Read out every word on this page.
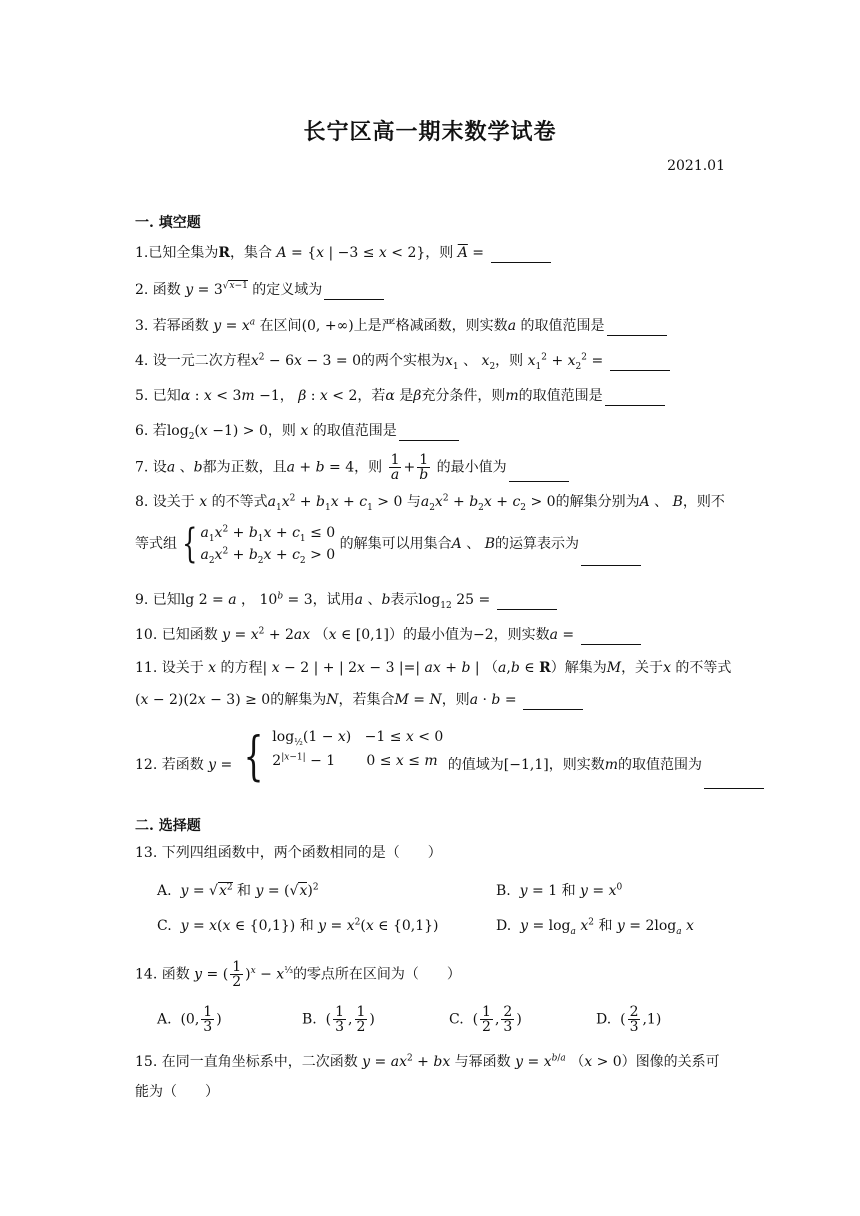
长宁区高一期末数学试卷
2021.01
一. 填空题
1.已知全集为R，集合 A = {x | −3 ≤ x < 2}，则 $\overline{A}$ =
2. 函数 $y = 3^{√x-1}$ 的定义域为
3. 若幂函数 $y = x^a$ 在区间(0, +∞)上是严格减函数，则实数a 的取值范围是
4. 设一元二次方程$x^2 - 6x - 3 = 0$的两个实根为$x_1$ 、 $x_2$，则 $x_1^2 + x_2^2$ =
5. 已知α : x < 3m −1， β : x < 2，若α 是β充分条件，则m的取值范围是
6. 若$\log_2(x -1) > 0$，则 x 的取值范围是
7. 设a 、b都为正数，且a + b = 4，则 $\frac{1}{a} + \frac{1}{b}$ 的最小值为
8. 设关于 x 的不等式$a_1x^2 + b_1x + c_1 > 0$ 与$a_2x^2 + b_2x + c_2 > 0$的解集分别为A 、 B，则不
等式组 { $a_1x^2 + b_1x + c_1 \le 0$
$a_2x^2 + b_2x + c_2 > 0$ 的解集可以用集合A 、 B的运算表示为
9. 已知lg 2 = a ， $10^b = 3$，试用a 、b表示$\log_{12} 25$ =
10. 已知函数 $y = x^2 + 2ax$ （x ∈ [0,1]）的最小值为−2，则实数a =
11. 设关于 x 的方程| x − 2 | + | 2x − 3 |=| ax + b | （a,b ∈ R）解集为M，关于x 的不等式
(x − 2)(2x − 3) ≥ 0的解集为N，若集合M = N，则a · b =
12. 若函数 y = { $\log_{\frac{1}{2}}(1 - x) -1 \le x < 0$
$2^{|x-1|} - 1$       0 ≤ x ≤ m 的值域为[−1,1]，则实数m的取值范围为
二. 选择题
13. 下列四组函数中，两个函数相同的是（　　）
A. $y = √x^2$ 和 $y = (√x)^2$	B. y = 1 和 $y = x^0$
C. y = x(x ∈ {0,1}) 和 $y = x^2(x$ ∈ {0,1})	D. $y = \log_a x^2$ 和 $y = 2\log_a$ x
14. 函数 y = ( $\frac{1}{2} )^x - x^{\frac{1}{3}}$的零点所在区间为（　　）
A.  (0, $\frac{1}{3}$ )	B.  ( $\frac{1}{3}$ , $\frac{1}{2}$ )	C.  ( $\frac{1}{2}$ , $\frac{2}{3}$ )	D.  ( $\frac{2}{3} ,1$)
15. 在同一直角坐标系中，二次函数 $y = ax^2$ + bx 与幂函数 $y = x^{b/a}$ （x > 0）图像的关系可
能为（　　）
